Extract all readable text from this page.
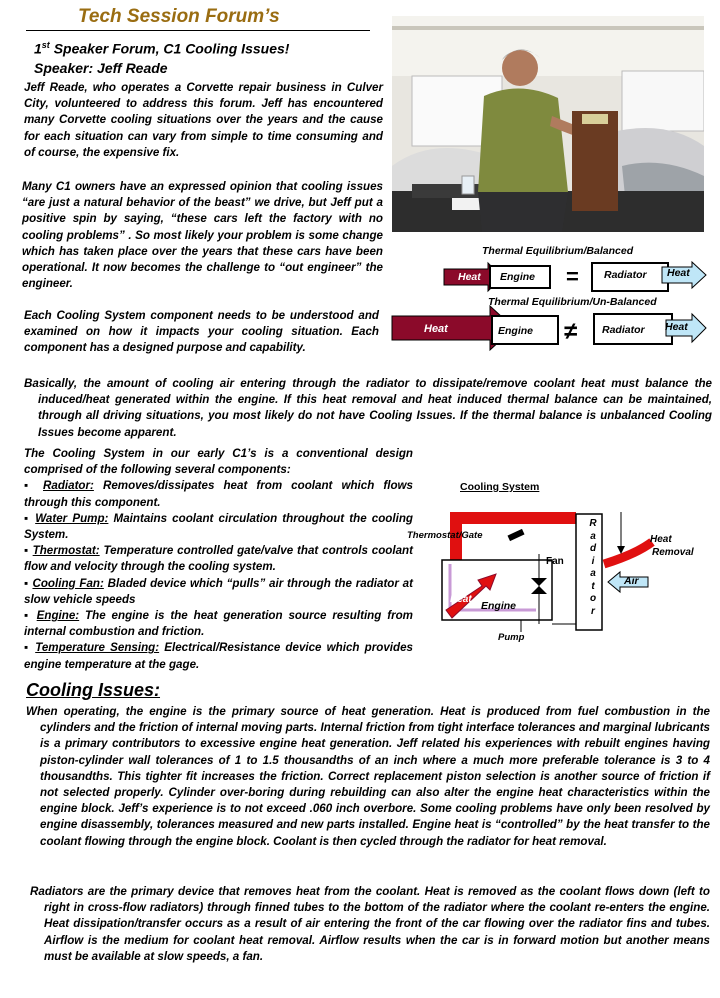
Tech Session Forum’s
1st Speaker Forum, C1 Cooling Issues!
Speaker: Jeff Reade

Jeff Reade, who operates a Corvette repair business in Culver City, volunteered to address this forum. Jeff has encountered many Corvette cooling situations over the years and the cause for each situation can vary from simple to time consuming and of course, the expensive fix.

Many C1 owners have an expressed opinion that cooling issues “are just a natural behavior of the beast” we drive, but Jeff put a positive spin by saying, “these cars left the factory with no cooling problems” . So most likely your problem is some change which has taken place over the years that these cars have been operational. It now becomes the challenge to “out engineer” the engineer.

Each Cooling System component needs to be understood and examined on how it impacts your cooling situation. Each component has a designed purpose and capability.

Thermal Equilibrium/Balanced
Heat Engine = Radiator Heat
Thermal Equilibrium/Un-Balanced
Heat	Engine ≠ Radiator Heat

Basically, the amount of cooling air entering through the radiator to dissipate/remove coolant heat must balance the induced/heat generated within the engine. If this heat removal and heat induced thermal balance can be maintained, through all driving situations, you most likely do not have Cooling Issues. If the thermal balance is unbalanced Cooling Issues become apparent.

The Cooling System in our early C1’s is a conventional design comprised of the following several components:

▪ Radiator: Removes/dissipates heat from coolant which flows through this component.
▪ Water Pump: Maintains coolant circulation throughout the cooling System.
▪ Thermostat: Temperature controlled gate/valve that controls coolant flow and velocity through the cooling system.
▪ Cooling Fan: Bladed device which “pulls” air through the radiator at slow vehicle speeds
▪ Engine: The engine is the heat generation source resulting from internal combustion and friction.
▪ Temperature Sensing: Electrical/Resistance device which provides engine temperature at the gage.
Cooling System
Thermostat/Gate
Fan
R
a
d
i
a
t
o
r
Heat
Removal
Air
Heat
Engine
Pump
Cooling Issues:

When operating, the engine is the primary source of heat generation. Heat is produced from fuel combustion in the cylinders and the friction of internal moving parts. Internal friction from tight interface tolerances and marginal lubricants is a primary contributors to excessive engine heat generation. Jeff related his experiences with rebuilt engines having piston-cylinder wall tolerances of 1 to 1.5 thousandths of an inch where a much more preferable tolerance is 3 to 4 thousandths. This tighter fit increases the friction. Correct replacement piston selection is another source of friction if not selected properly. Cylinder over-boring during rebuilding can also alter the engine heat characteristics within the engine block. Jeff’s experience is to not exceed .060 inch overbore. Some cooling problems have only been resolved by engine disassembly, tolerances measured and new parts installed. Engine heat is “controlled” by the heat transfer to the coolant flowing through the engine block. Coolant is then cycled through the radiator for heat removal.

Radiators are the primary device that removes heat from the coolant. Heat is removed as the coolant flows down (left to right in cross-flow radiators) through finned tubes to the bottom of the radiator where the coolant re-enters the engine. Heat dissipation/transfer occurs as a result of air entering the front of the car flowing over the radiator fins and tubes. Airflow is the medium for coolant heat removal. Airflow results when the car is in forward motion but another means must be available at slow speeds, a fan.
